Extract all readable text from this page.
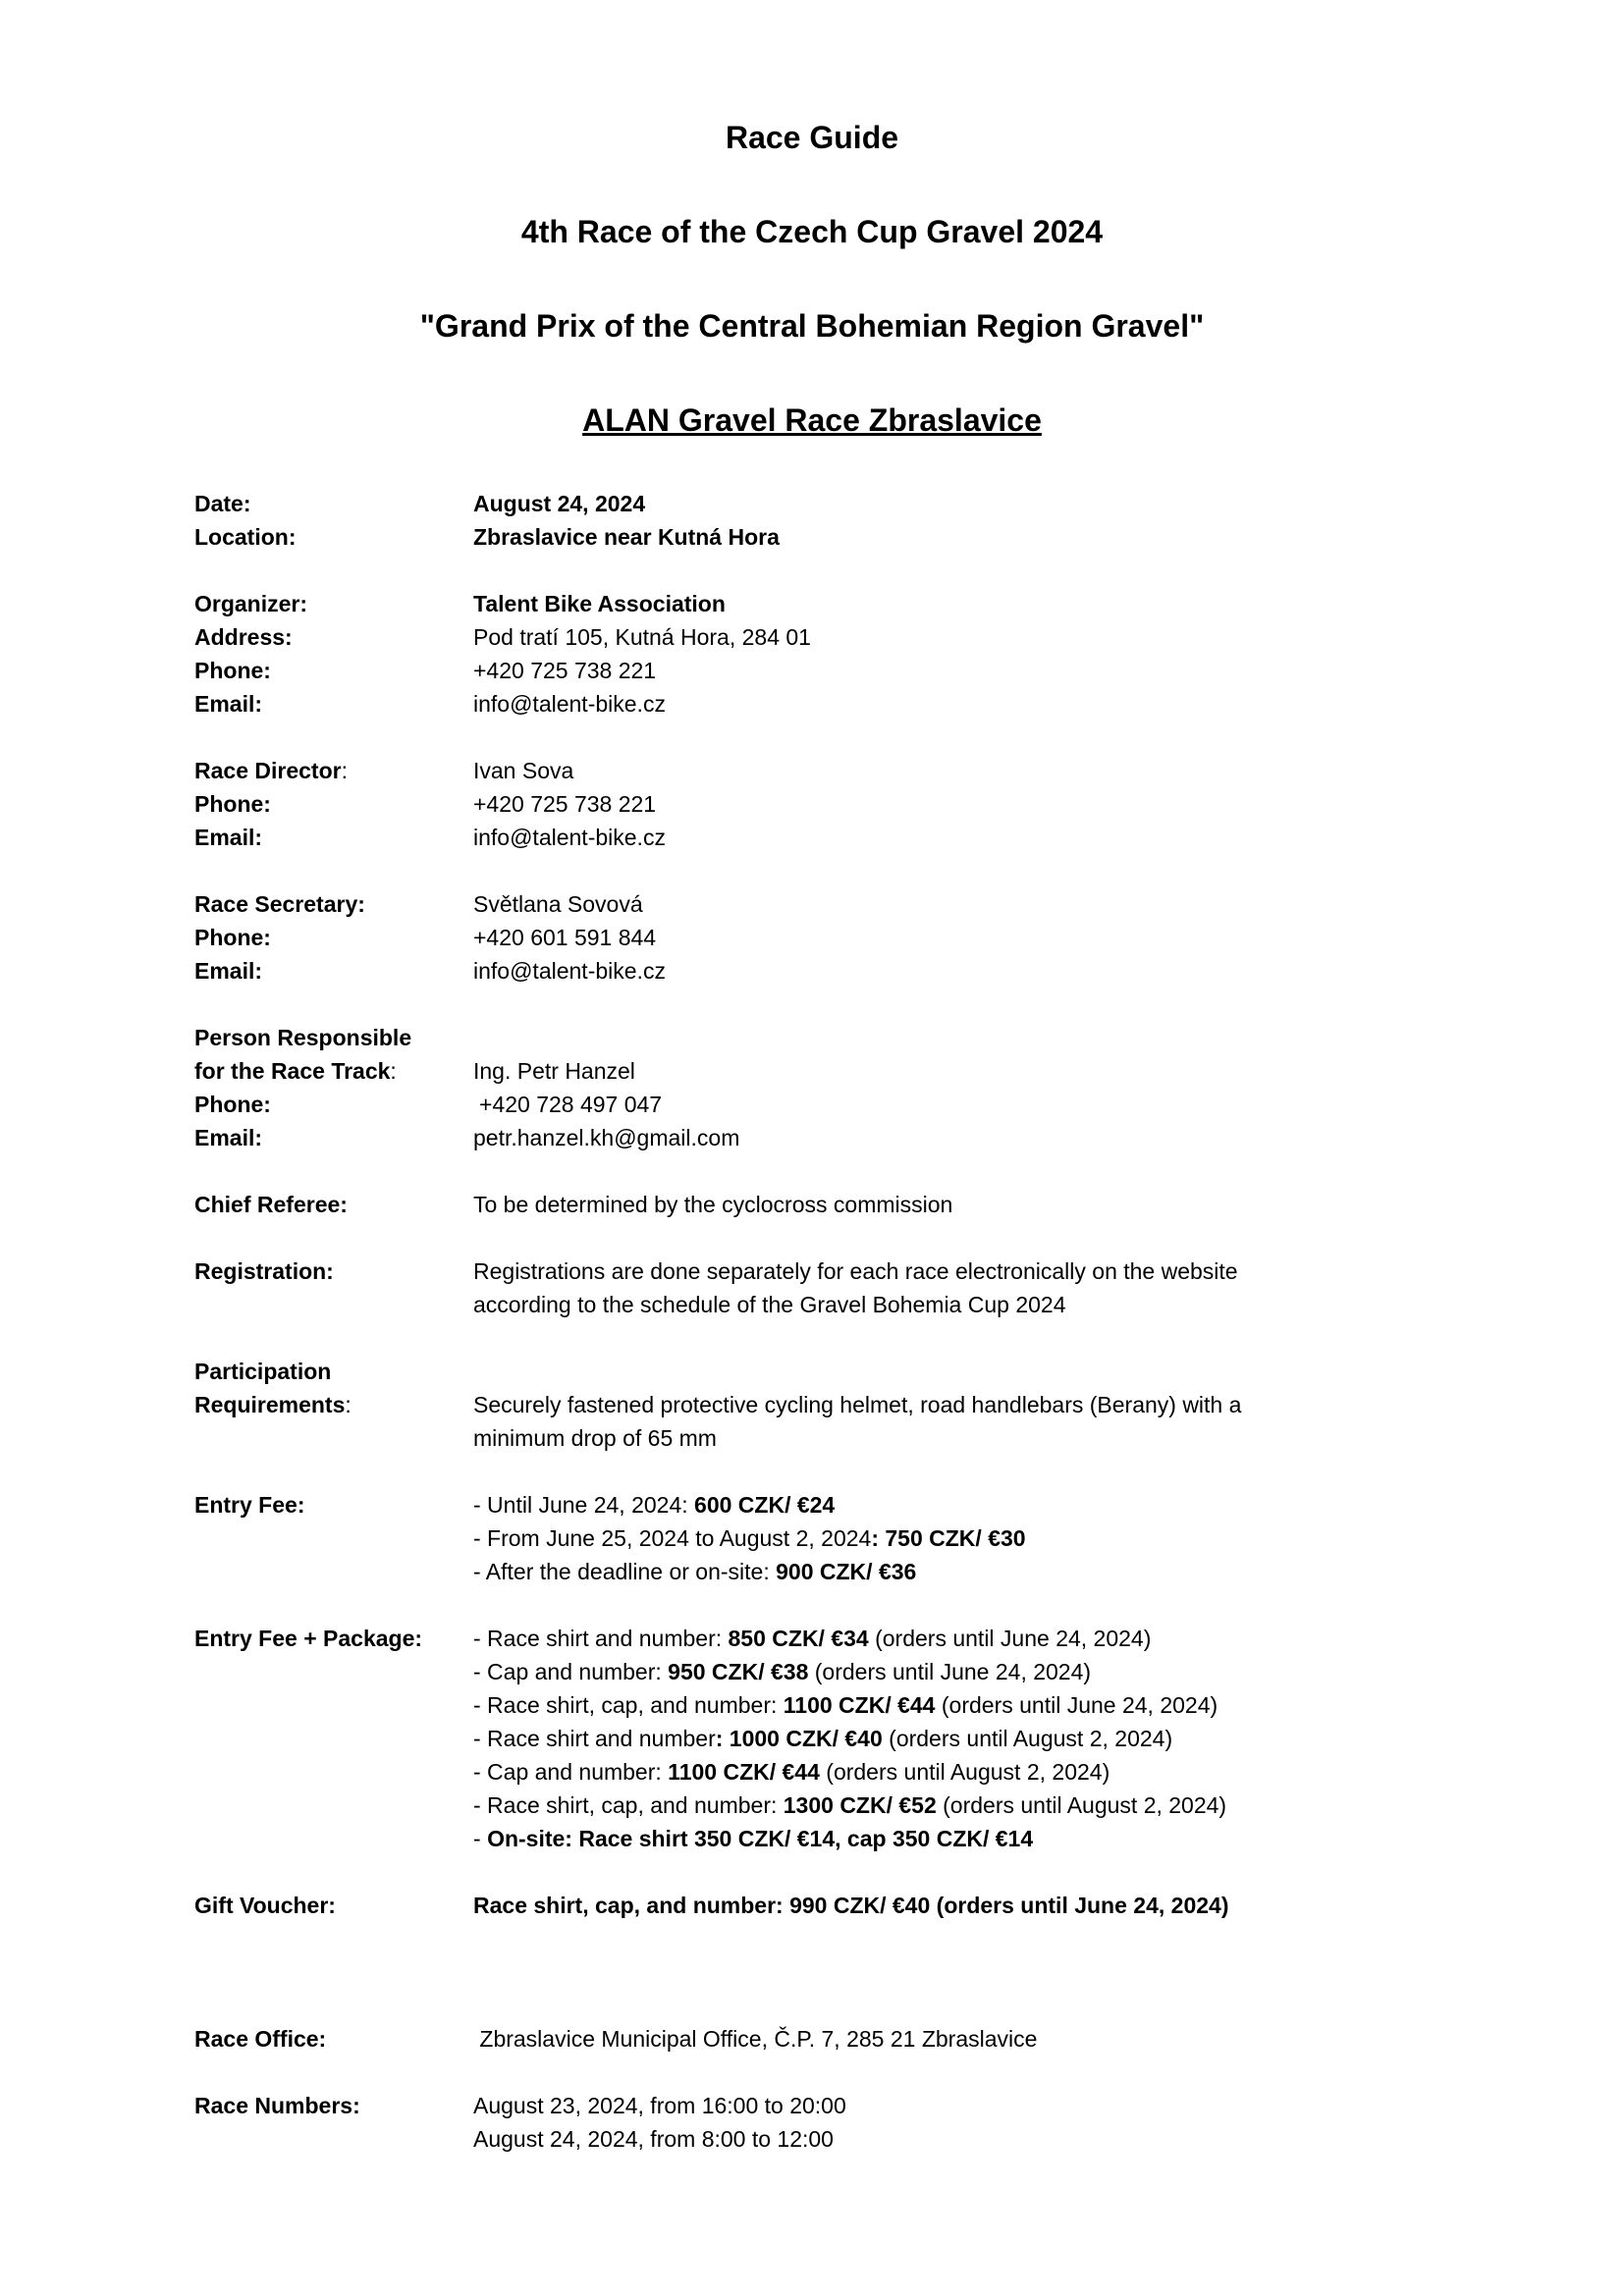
Race Guide
4th Race of the Czech Cup Gravel 2024
"Grand Prix of the Central Bohemian Region Gravel"
ALAN Gravel Race Zbraslavice
Date:	August 24, 2024
Location:	Zbraslavice near Kutná Hora
Organizer:	Talent Bike Association
Address:	Pod tratí 105, Kutná Hora, 284 01
Phone:	+420 725 738 221
Email:	info@talent-bike.cz
Race Director:	Ivan Sova
Phone:	+420 725 738 221
Email:	info@talent-bike.cz
Race Secretary:	Světlana Sovová
Phone:	+420 601 591 844
Email:	info@talent-bike.cz
Person Responsible
for the Race Track:	Ing. Petr Hanzel
Phone:	+420 728 497 047
Email:	petr.hanzel.kh@gmail.com
Chief Referee:	To be determined by the cyclocross commission
Registration:	Registrations are done separately for each race electronically on the website
according to the schedule of the Gravel Bohemia Cup 2024
Participation
Requirements:	Securely fastened protective cycling helmet, road handlebars (Berany) with a
minimum drop of 65 mm
Entry Fee:	- Until June 24, 2024: 600 CZK/ €24
- From June 25, 2024 to August 2, 2024: 750 CZK/ €30
- After the deadline or on-site: 900 CZK/ €36
Entry Fee + Package:	- Race shirt and number: 850 CZK/ €34 (orders until June 24, 2024)
- Cap and number: 950 CZK/ €38 (orders until June 24, 2024)
- Race shirt, cap, and number: 1100 CZK/ €44 (orders until June 24, 2024)
- Race shirt and number: 1000 CZK/ €40 (orders until August 2, 2024)
- Cap and number: 1100 CZK/ €44 (orders until August 2, 2024)
- Race shirt, cap, and number: 1300 CZK/ €52 (orders until August 2, 2024)
- On-site: Race shirt 350 CZK/ €14, cap 350 CZK/ €14
Gift Voucher:	Race shirt, cap, and number: 990 CZK/ €40 (orders until June 24, 2024)
Race Office:	Zbraslavice Municipal Office, Č.P. 7, 285 21 Zbraslavice
Race Numbers:	August 23, 2024, from 16:00 to 20:00
August 24, 2024, from 8:00 to 12:00
